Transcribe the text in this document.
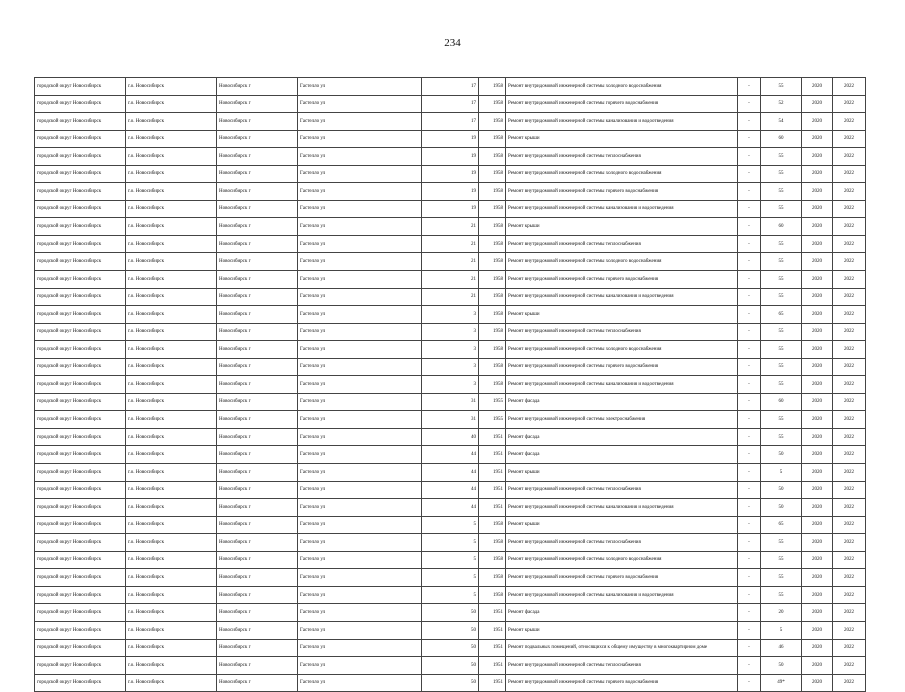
234
городской округ Новосибирск	г.о. Новосибирск	Новосибирск г	Гастелло ул	17	1958	Ремонт внутридомовой инженерной системы холодного водоснабжения	-	55	2020	2022
городской округ Новосибирск	г.о. Новосибирск	Новосибирск г	Гастелло ул	17	1958	Ремонт внутридомовой инженерной системы горячего водоснабжения	-	52	2020	2022
городской округ Новосибирск	г.о. Новосибирск	Новосибирск г	Гастелло ул	17	1958	Ремонт внутридомовой инженерной системы канализования и водоотведения	-	54	2020	2022
городской округ Новосибирск	г.о. Новосибирск	Новосибирск г	Гастелло ул	19	1958	Ремонт крыши	-	60	2020	2022
городской округ Новосибирск	г.о. Новосибирск	Новосибирск г	Гастелло ул	19	1958	Ремонт внутридомовой инженерной системы теплоснабжения	-	55	2020	2022
городской округ Новосибирск	г.о. Новосибирск	Новосибирск г	Гастелло ул	19	1958	Ремонт внутридомовой инженерной системы холодного водоснабжения	-	55	2020	2022
городской округ Новосибирск	г.о. Новосибирск	Новосибирск г	Гастелло ул	19	1958	Ремонт внутридомовой инженерной системы горячего водоснабжения	-	55	2020	2022
городской округ Новосибирск	г.о. Новосибирск	Новосибирск г	Гастелло ул	19	1958	Ремонт внутридомовой инженерной системы канализования и водоотведения	-	55	2020	2022
городской округ Новосибирск	г.о. Новосибирск	Новосибирск г	Гастелло ул	21	1958	Ремонт крыши	-	60	2020	2022
городской округ Новосибирск	г.о. Новосибирск	Новосибирск г	Гастелло ул	21	1958	Ремонт внутридомовой инженерной системы теплоснабжения	-	55	2020	2022
городской округ Новосибирск	г.о. Новосибирск	Новосибирск г	Гастелло ул	21	1958	Ремонт внутридомовой инженерной системы холодного водоснабжения	-	55	2020	2022
городской округ Новосибирск	г.о. Новосибирск	Новосибирск г	Гастелло ул	21	1958	Ремонт внутридомовой инженерной системы горячего водоснабжения	-	55	2020	2022
городской округ Новосибирск	г.о. Новосибирск	Новосибирск г	Гастелло ул	21	1958	Ремонт внутридомовой инженерной системы канализования и водоотведения	-	55	2020	2022
городской округ Новосибирск	г.о. Новосибирск	Новосибирск г	Гастелло ул	3	1958	Ремонт крыши	-	65	2020	2022
городской округ Новосибирск	г.о. Новосибирск	Новосибирск г	Гастелло ул	3	1958	Ремонт внутридомовой инженерной системы теплоснабжения	-	55	2020	2022
городской округ Новосибирск	г.о. Новосибирск	Новосибирск г	Гастелло ул	3	1958	Ремонт внутридомовой инженерной системы холодного водоснабжения	-	55	2020	2022
городской округ Новосибирск	г.о. Новосибирск	Новосибирск г	Гастелло ул	3	1958	Ремонт внутридомовой инженерной системы горячего водоснабжения	-	55	2020	2022
городской округ Новосибирск	г.о. Новосибирск	Новосибирск г	Гастелло ул	3	1958	Ремонт внутридомовой инженерной системы канализования и водоотведения	-	55	2020	2022
городской округ Новосибирск	г.о. Новосибирск	Новосибирск г	Гастелло ул	31	1955	Ремонт фасада	-	60	2020	2022
городской округ Новосибирск	г.о. Новосибирск	Новосибирск г	Гастелло ул	31	1955	Ремонт внутридомовой инженерной системы электроснабжения	-	55	2020	2022
городской округ Новосибирск	г.о. Новосибирск	Новосибирск г	Гастелло ул	40	1951	Ремонт фасада	-	55	2020	2022
городской округ Новосибирск	г.о. Новосибирск	Новосибирск г	Гастелло ул	44	1951	Ремонт фасада	-	50	2020	2022
городской округ Новосибирск	г.о. Новосибирск	Новосибирск г	Гастелло ул	44	1951	Ремонт крыши	-	5	2020	2022
городской округ Новосибирск	г.о. Новосибирск	Новосибирск г	Гастелло ул	44	1951	Ремонт внутридомовой инженерной системы теплоснабжения	-	50	2020	2022
городской округ Новосибирск	г.о. Новосибирск	Новосибирск г	Гастелло ул	44	1951	Ремонт внутридомовой инженерной системы канализования и водоотведения	-	50	2020	2022
городской округ Новосибирск	г.о. Новосибирск	Новосибирск г	Гастелло ул	5	1958	Ремонт крыши	-	65	2020	2022
городской округ Новосибирск	г.о. Новосибирск	Новосибирск г	Гастелло ул	5	1958	Ремонт внутридомовой инженерной системы теплоснабжения	-	55	2020	2022
городской округ Новосибирск	г.о. Новосибирск	Новосибирск г	Гастелло ул	5	1958	Ремонт внутридомовой инженерной системы холодного водоснабжения	-	55	2020	2022
городской округ Новосибирск	г.о. Новосибирск	Новосибирск г	Гастелло ул	5	1958	Ремонт внутридомовой инженерной системы горячего водоснабжения	-	55	2020	2022
городской округ Новосибирск	г.о. Новосибирск	Новосибирск г	Гастелло ул	5	1958	Ремонт внутридомовой инженерной системы канализования и водоотведения	-	55	2020	2022
городской округ Новосибирск	г.о. Новосибирск	Новосибирск г	Гастелло ул	50	1951	Ремонт фасада	-	20	2020	2022
городской округ Новосибирск	г.о. Новосибирск	Новосибирск г	Гастелло ул	50	1951	Ремонт крыши	-	5	2020	2022
городской округ Новосибирск	г.о. Новосибирск	Новосибирск г	Гастелло ул	50	1951	Ремонт подвальных помещений, относящихся к общему имуществу в многоквартирном доме	-	46	2020	2022
городской округ Новосибирск	г.о. Новосибирск	Новосибирск г	Гастелло ул	50	1951	Ремонт внутридомовой инженерной системы теплоснабжения	-	50	2020	2022
городской округ Новосибирск	г.о. Новосибирск	Новосибирск г	Гастелло ул	50	1951	Ремонт внутридомовой инженерной системы горячего водоснабжения	-	49*	2020	2022
